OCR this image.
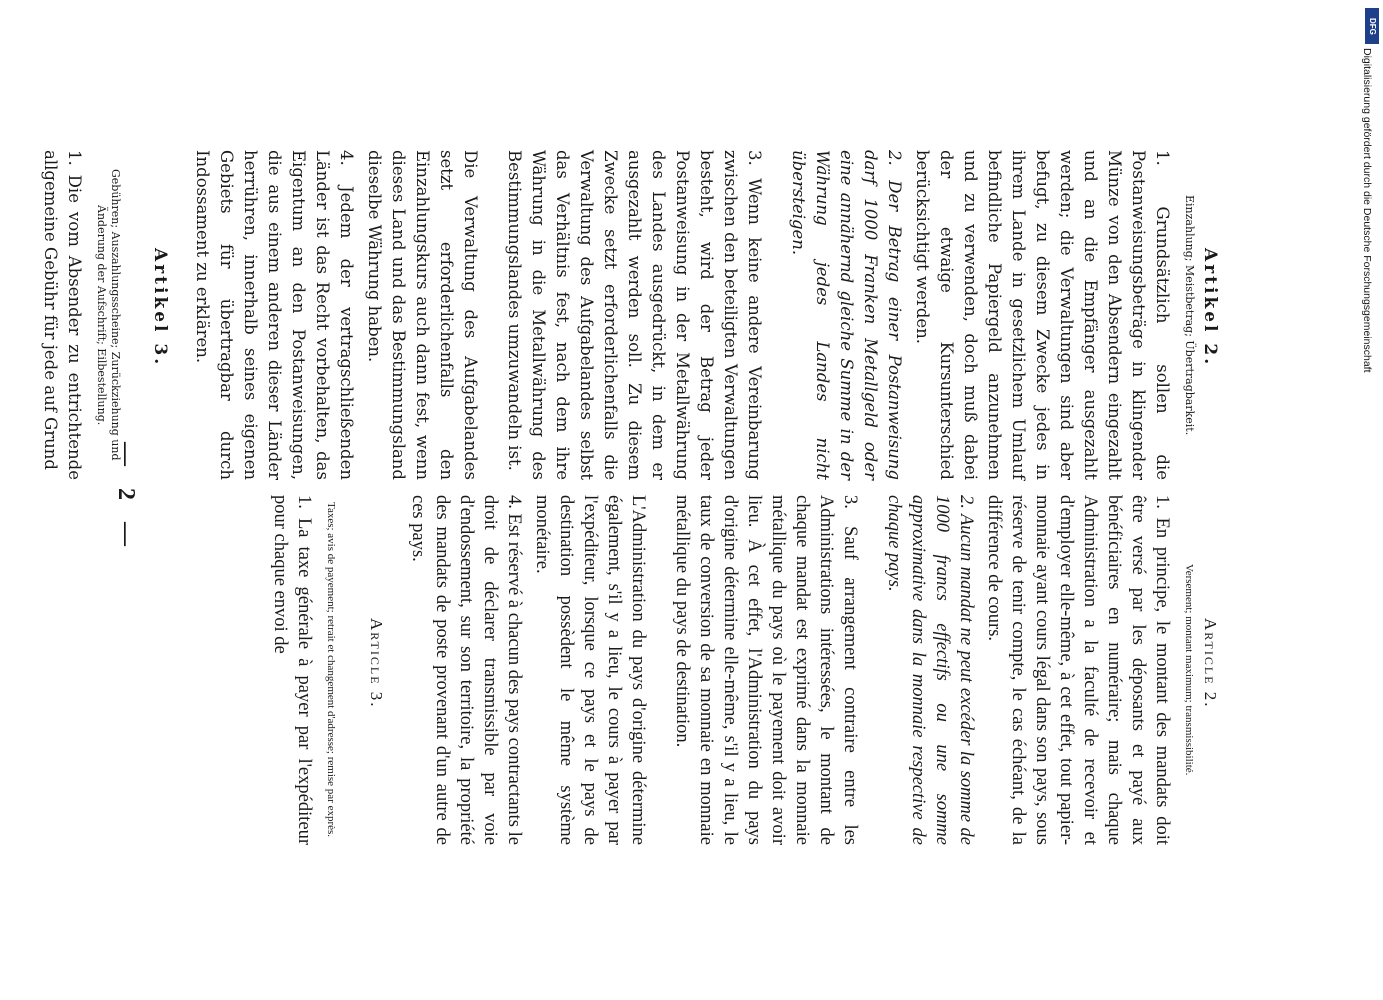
— 2 —
Article 2.
Versement; montant maximum; transmissibilité.
1. En principe, le montant des mandats doit être versé par les déposants et payé aux bénéficiaires en numéraire; mais chaque Administration a la faculté de recevoir et d'employer elle-même, à cet effet, tout papier-monnaie ayant cours légal dans son pays, sous réserve de tenir compte, le cas échéant, de la différence de cours.
2. Aucun mandat ne peut excéder la somme de 1000 francs effectifs ou une somme approximative dans la monnaie respective de chaque pays.
3. Sauf arrangement contraire entre les Administrations intéressées, le montant de chaque mandat est exprimé dans la monnaie métallique du pays où le payement doit avoir lieu. À cet effet, l'Administration du pays d'origine détermine elle-même, s'il y a lieu, le taux de conversion de sa monnaie en monnaie métallique du pays de destination.
L'Administration du pays d'origine détermine également, s'il y a lieu, le cours à payer par l'expéditeur, lorsque ce pays et le pays de destination possèdent le même système monétaire.
4. Est réservé à chacun des pays contractants le droit de déclarer transmissible par voie d'endossement, sur son territoire, la propriété des mandats de poste provenant d'un autre de ces pays.
Article 3.
Taxes; avis de payement; retrait et changement d'adresse; remise par exprès.
1. La taxe générale à payer par l'expéditeur pour chaque envoi de
Artikel 2.
Einzahlung; Meistbetrag; Übertragbarkeit.
1. Grundsätzlich sollen die Postanweisungsbeträge in klingender Münze von den Absendern eingezahlt und an die Empfänger ausgezahlt werden; die Verwaltungen sind aber befugt, zu diesem Zwecke jedes in ihrem Lande in gesetzlichem Umlauf befindliche Papiergeld anzunehmen und zu verwenden, doch muß dabei der etwaige Kursunterschied berücksichtigt werden.
2. Der Betrag einer Postanweisung darf 1000 Franken Metallgeld oder eine annähernd gleiche Summe in der Währung jedes Landes nicht übersteigen.
3. Wenn keine andere Vereinbarung zwischen den beteiligten Verwaltungen besteht, wird der Betrag jeder Postanweisung in der Metallwährung des Landes ausgedrückt, in dem er ausgezahlt werden soll. Zu diesem Zwecke setzt erforderlichenfalls die Verwaltung des Aufgabelandes selbst das Verhältnis fest, nach dem ihre Währung in die Metallwährung des Bestimmungslandes umzuwandeln ist.
Die Verwaltung des Aufgabelandes setzt erforderlichenfalls den Einzahlungskurs auch dann fest, wenn dieses Land und das Bestimmungsland dieselbe Währung haben.
4. Jedem der vertragschließenden Länder ist das Recht vorbehalten, das Eigentum an den Postanweisungen, die aus einem anderen dieser Länder herrühren, innerhalb seines eigenen Gebiets für übertragbar durch Indossament zu erklären.
Artikel 3.
Gebühren; Auszahlungsscheine; Zurückziehung und Änderung der Aufschrift; Eilbestellung.
1. Die vom Absender zu entrichtende allgemeine Gebühr für jede auf Grund
DFG
Digitalisierung gefördert durch die Deutsche Forschungsgemeinschaft
